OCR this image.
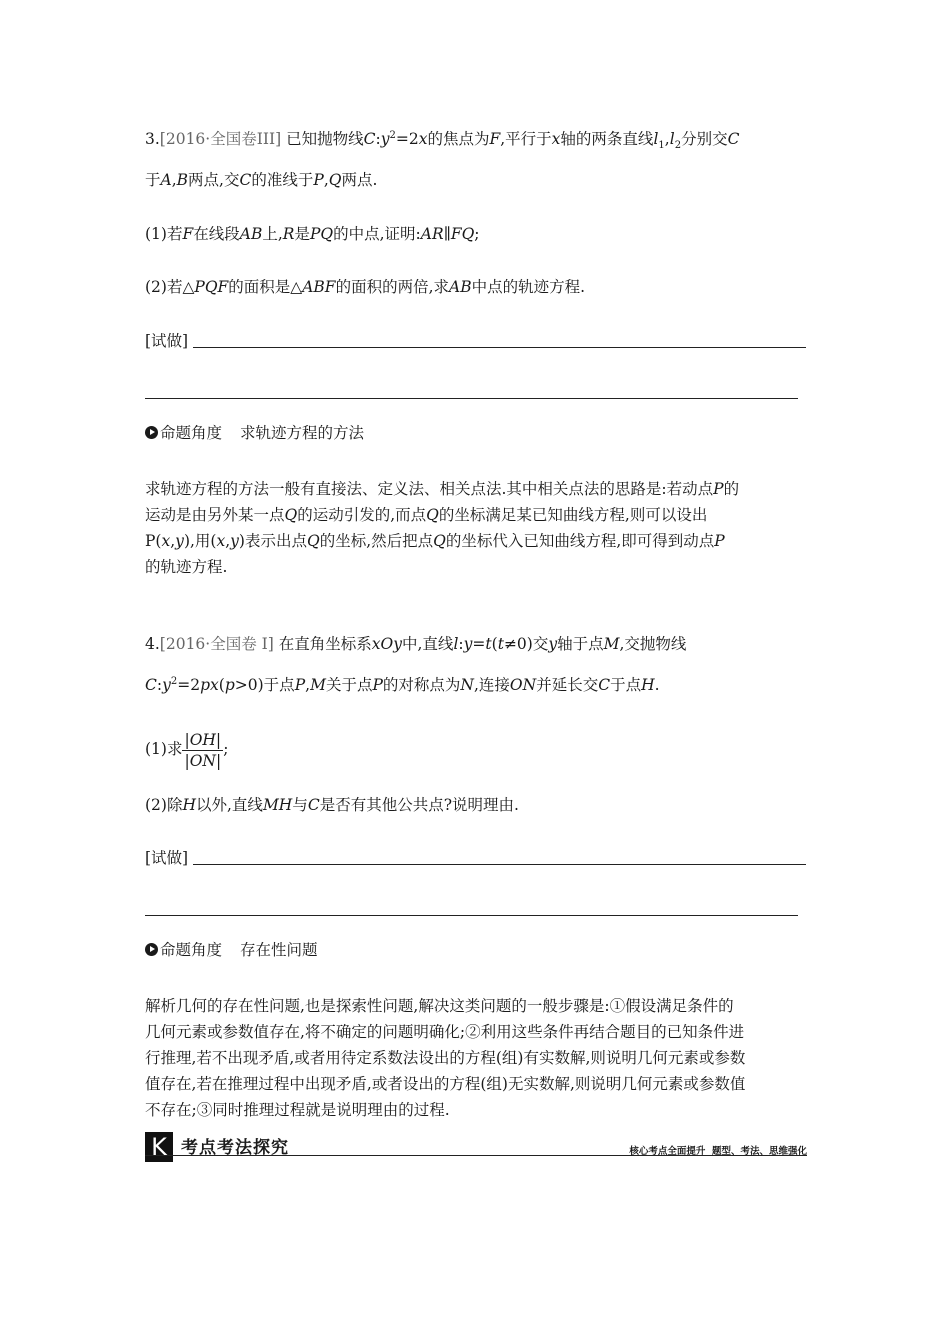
3.[2016·全国卷III] 已知抛物线$C:y^2=2x$的焦点为F,平行于x轴的两条直线$l_1,l_2$分别交C

于A,B两点,交C的准线于P,Q两点.

(1)若F在线段AB上,R是PQ的中点,证明:AR∥FQ;

(2)若△PQF的面积是△ABF的面积的两倍,求AB中点的轨迹方程.

[试做]
命题角度 求轨迹方程的方法
求轨迹方程的方法一般有直接法、定义法、相关点法.其中相关点法的思路是:若动点P的
运动是由另外某一点Q的运动引发的,而点Q的坐标满足某已知曲线方程,则可以设出
P(x,y),用(x,y)表示出点Q的坐标,然后把点Q的坐标代入已知曲线方程,即可得到动点P
的轨迹方程.

4.[2016·全国卷 I] 在直角坐标系xOy中,直线l:y=t(t≠0)交y轴于点M,交抛物线

$C:y^2=2px(p>0)$于点P,M关于点P的对称点为N,连接ON并延长交C于点H.

(1)求 $\frac{|OH|}{|ON|}$ ;

(2)除H以外,直线MH与C是否有其他公共点?说明理由.

[试做]
命题角度 存在性问题
解析几何的存在性问题,也是探索性问题,解决这类问题的一般步骤是:①假设满足条件的
几何元素或参数值存在,将不确定的问题明确化;②利用这些条件再结合题目的已知条件进
行推理,若不出现矛盾,或者用待定系数法设出的方程(组)有实数解,则说明几何元素或参数
值存在,若在推理过程中出现矛盾,或者设出的方程(组)无实数解,则说明几何元素或参数值
不存在;③同时推理过程就是说明理由的过程.
K 考点考法探究	核心考点全面提升 题型、考法、思维强化
